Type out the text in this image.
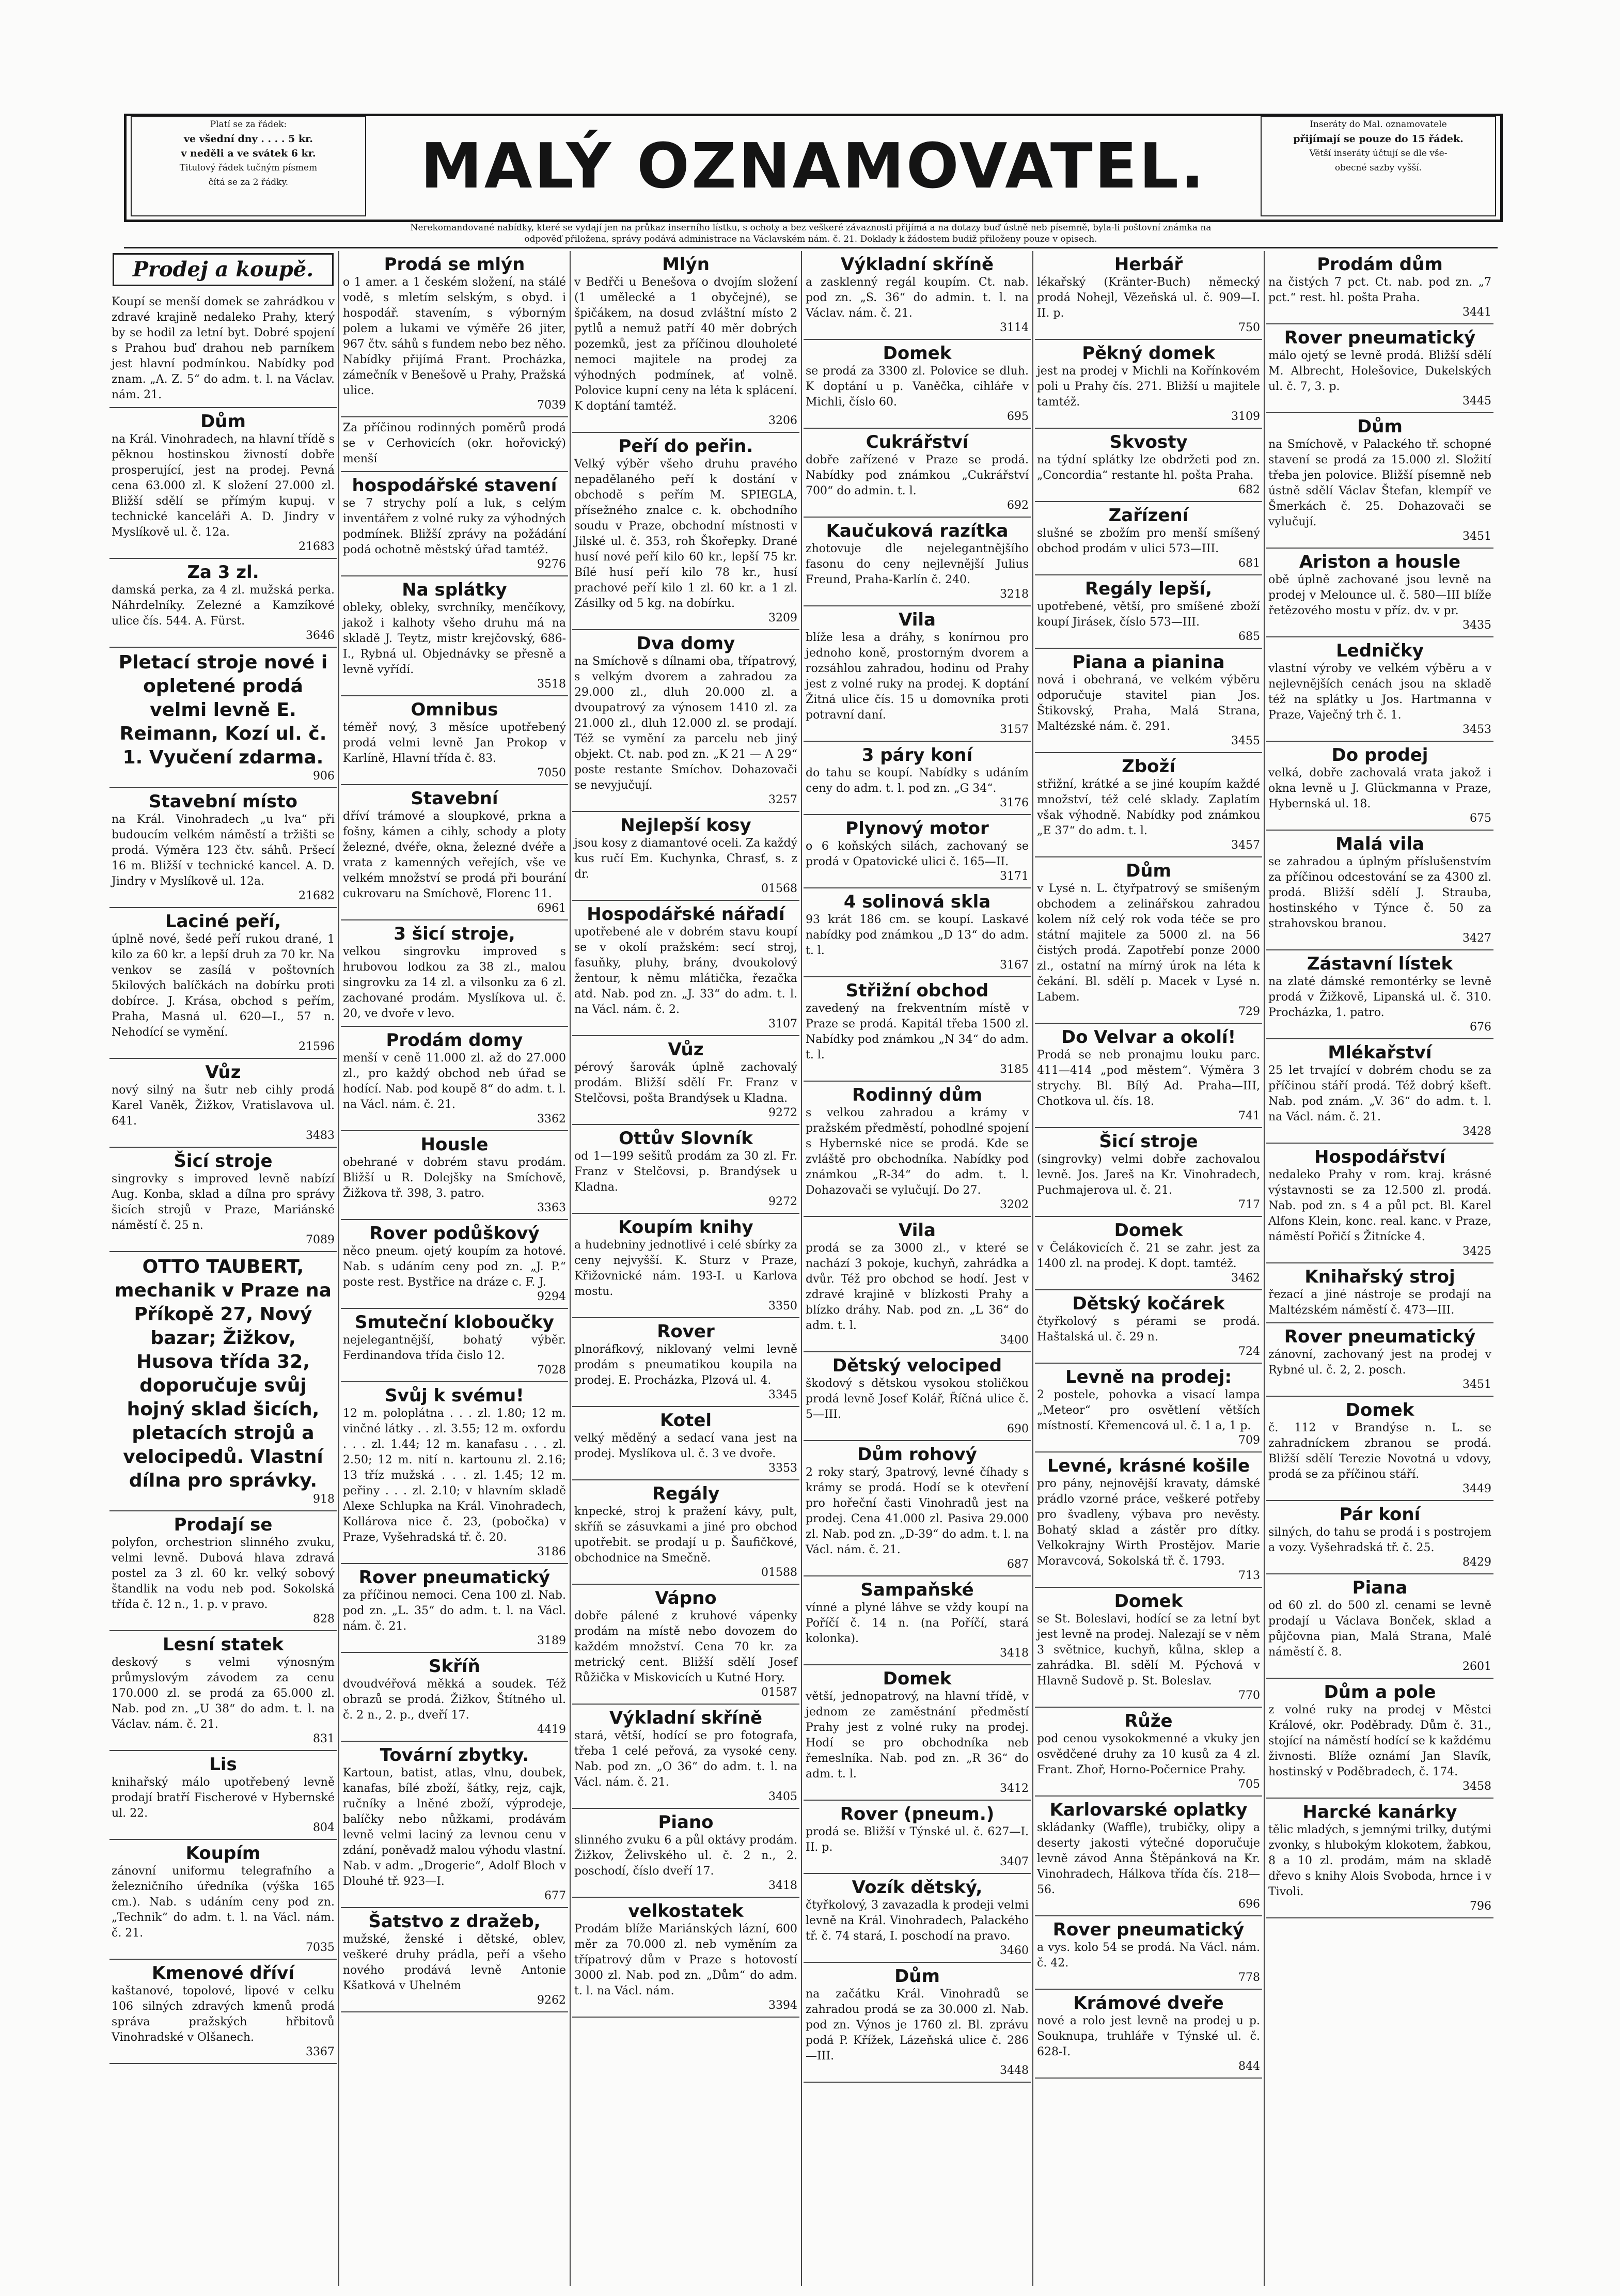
Platí se za řádek:
ve všední dny . . . . 5 kr.
v neděli a ve svátek 6 kr.
Titulový řádek tučným písmem
čítá se za 2 řádky.	MALÝ OZNAMOVATEL.
Inseráty do Mal. oznamovatele
přijímají se pouze do 15 řádek.
Větší inseráty účtují se dle vše-
obecné sazby vyšší.
Nerekomandované nabídky, které se vydají jen na průkaz inserního lístku, s ochoty a bez veškeré závaznosti přijímá a na dotazy buď ústně neb písemně, byla-li poštovní známka na
odpověď přiložena, správy podává administrace na Václavském nám. č. 21. Doklady k žádostem budiž přiloženy pouze v opisech.
Prodej a koupě.
Koupí se menší domek se zahrádkou v zdravé krajině nedaleko Prahy, který by se hodil za letní byt. Dobré spojení s Prahou buď drahou neb parníkem jest hlavní podmínkou. Nabídky pod znam. „A. Z. 5“ do adm. t. l. na Václav. nám. 21.
Dům
na Král. Vinohradech, na hlavní třídě s pěknou hostinskou živností dobře prosperující, jest na prodej. Pevná cena 63.000 zl. K složení 27.000 zl. Bližší sdělí se přímým kupuj. v technické kanceláři A. D. Jindry v Myslíkově ul. č. 12a.
21683
Za 3 zl.
damská perka, za 4 zl. mužská perka. Náhrdelníky. Zelezné a Kamzíkové ulice čís. 544. A. Fürst.
3646
Pletací stroje nové i opletené prodá velmi levně E. Reimann, Kozí ul. č. 1. Vyučení zdarma.
906
Stavební místo
na Král. Vinohradech „u lva“ při budoucím velkém náměstí a tržišti se prodá. Výměra 123 čtv. sáhů. Pršecí 16 m. Bližší v technické kancel. A. D. Jindry v Myslíkově ul. 12a.
21682
Laciné peří,
úplně nové, šedé peří rukou drané, 1 kilo za 60 kr. a lepší druh za 70 kr. Na venkov se zasílá v poštovních 5kilových balíčkách na dobírku proti dobírce. J. Krása, obchod s peřím, Praha, Masná ul. 620—I., 57 n. Nehodící se vymění.
21596
Vůz
nový silný na šutr neb cihly prodá Karel Vaněk, Žižkov, Vratislavova ul. 641.
3483
Šicí stroje
singrovky s improved levně nabízí Aug. Konba, sklad a dílna pro správy šicích strojů v Praze, Mariánské náměstí č. 25 n.
7089
OTTO TAUBERT, mechanik v Praze na Příkopě 27, Nový bazar; Žižkov, Husova třída 32, doporučuje svůj hojný sklad šicích, pletacích strojů a velocipedů. Vlastní dílna pro správky.
918
Prodají se
polyfon, orchestrion slinného zvuku, velmi levně. Dubová hlava zdravá postel za 3 zl. 60 kr. velký sobový štandlik na vodu neb pod. Sokolská třída č. 12 n., 1. p. v pravo.
828
Lesní statek
deskový s velmi výnosným průmyslovým závodem za cenu 170.000 zl. se prodá za 65.000 zl. Nab. pod zn. „U 38“ do adm. t. l. na Václav. nám. č. 21.
831
Lis
knihařský málo upotřebený levně prodají bratří Fischerové v Hybernské ul. 22.
804
Koupím
zánovní uniformu telegrafního a železničního úředníka (výška 165 cm.). Nab. s udáním ceny pod zn. „Technik“ do adm. t. l. na Václ. nám. č. 21.
7035
Kmenové dříví
kaštanové, topolové, lipové v celku 106 silných zdravých kmenů prodá správa pražských hřbitovů Vinohradské v Olšanech.
3367
Prodá se mlýn
o 1 amer. a 1 českém složení, na stálé vodě, s mletím selským, s obyd. i hospodář. stavením, s výborným polem a lukami ve výměře 26 jiter, 967 čtv. sáhů s fundem nebo bez něho. Nabídky přijímá Frant. Procházka, zámečník v Benešově u Prahy, Pražská ulice.
7039
Za příčinou rodinných poměrů prodá se v Cerhovicích (okr. hořovický) menší
hospodářské stavení
se 7 strychy polí a luk, s celým inventářem z volné ruky za výhodných podmínek. Bližší zprávy na požádání podá ochotně městský úřad tamtéž.
9276
Na splátky
obleky, obleky, svrchníky, menčíkovy, jakož i kalhoty všeho druhu má na skladě J. Teytz, mistr krejčovský, 686-I., Rybná ul. Objednávky se přesně a levně vyřídí.
3518
Omnibus
téměř nový, 3 měsíce upotřebený prodá velmi levně Jan Prokop v Karlíně, Hlavní třída č. 83.
7050
Stavební
dříví trámové a sloupkové, prkna a fošny, kámen a cihly, schody a ploty železné, dvéře, okna, železné dvéře a vrata z kamenných veřejích, vše ve velkém množství se prodá při bourání cukrovaru na Smíchově, Florenc 11.
6961
3 šicí stroje,
velkou singrovku improved s hrubovou lodkou za 38 zl., malou singrovku za 14 zl. a vilsonku za 6 zl. zachované prodám. Myslíkova ul. č. 20, ve dvoře v levo.
Prodám domy
menší v ceně 11.000 zl. až do 27.000 zl., pro každý obchod neb úřad se hodící. Nab. pod koupě 8“ do adm. t. l. na Václ. nám. č. 21.
3362
Housle
obehrané v dobrém stavu prodám. Bližší u R. Dolejšky na Smíchově, Žižkova tř. 398, 3. patro.
3363
Rover podůškový
něco pneum. ojetý koupím za hotové. Nab. s udáním ceny pod zn. „J. P.“ poste rest. Bystřice na dráze c. F. J.
9294
Smuteční kloboučky
nejelegantnější, bohatý výběr. Ferdinandova třída čislo 12.
7028
Svůj k svému!
12 m. poloplátna . . . zl. 1.80; 12 m. vinčné látky . . zl. 3.55; 12 m. oxfordu . . . zl. 1.44; 12 m. kanafasu . . . zl. 2.50; 12 m. nití n. kartounu zl. 2.16; 13 tříz mužská . . . zl. 1.45; 12 m. peřiny . . . zl. 2.10; v hlavním skladě Alexe Schlupka na Král. Vinohradech, Kollárova nice č. 23, (pobočka) v Praze, Vyšehradská tř. č. 20.
3186
Rover pneumatický
za příčinou nemoci. Cena 100 zl. Nab. pod zn. „L. 35“ do adm. t. l. na Václ. nám. č. 21.
3189
Skříň
dvoudvéřová měkká a soudek. Též obrazů se prodá. Žižkov, Štítného ul. č. 2 n., 2. p., dveří 17.
4419
Tovární zbytky.
Kartoun, batist, atlas, vlnu, doubek, kanafas, bílé zboží, šátky, rejz, cajk, ručníky a lněné zboží, výprodeje, balíčky nebo nůžkami, prodávám levně velmi laciný za levnou cenu v zdání, poněvadž malou výhodu vlastní. Nab. v adm. „Drogerie“, Adolf Bloch v Dlouhé tř. 923—I.
677
Šatstvo z dražeb,
mužské, ženské i dětské, oblev, veškeré druhy prádla, peří a všeho nového prodává levně Antonie Kšatková v Uhelném
9262
Mlýn
v Bedřči u Benešova o dvojím složení (1 umělecké a 1 obyčejné), se špičákem, na dosud zvláštní místo 2 pytlů a nemuž patří 40 měr dobrých pozemků, jest za příčinou dlouholeté nemoci majitele na prodej za výhodných podmínek, ať volně. Polovice kupní ceny na léta k splácení. K doptání tamtéž.
3206
Peří do peřin.
Velký výběr všeho druhu pravého nepadělaného peří k dostání v obchodě s peřím M. SPIEGLA, přísežného znalce c. k. obchodního soudu v Praze, obchodní místnosti v Jilské ul. č. 353, roh Škořepky. Drané husí nové peří kilo 60 kr., lepší 75 kr. Bílé husí peří kilo 78 kr., husí prachové peří kilo 1 zl. 60 kr. a 1 zl. Zásilky od 5 kg. na dobírku.
3209
Dva domy
na Smíchově s dílnami oba, třípatrový, s velkým dvorem a zahradou za 29.000 zl., dluh 20.000 zl. a dvoupatrový za výnosem 1410 zl. za 21.000 zl., dluh 12.000 zl. se prodají. Též se vymění za parcelu neb jiný objekt. Ct. nab. pod zn. „K 21 — A 29“ poste restante Smíchov. Dohazovači se nevyjučují.
3257
Nejlepší kosy
jsou kosy z diamantové oceli. Za každý kus ručí Em. Kuchynka, Chrasť, s. z dr.
01568
Hospodářské nářadí
upotřebené ale v dobrém stavu koupí se v okolí pražském: secí stroj, fasuňky, pluhy, brány, dvoukolový žentour, k němu mlátička, řezačka atd. Nab. pod zn. „J. 33“ do adm. t. l. na Václ. nám. č. 2.
3107
Vůz
pérový šarovák úplně zachovalý prodám. Bližší sdělí Fr. Franz v Stelčovsi, pošta Brandýsek u Kladna.
9272
Ottův Slovník
od 1—199 sešitů prodám za 30 zl. Fr. Franz v Stelčovsi, p. Brandýsek u Kladna.
9272
Koupím knihy
a hudebniny jednotlivé i celé sbírky za ceny nejvyšší. K. Sturz v Praze, Křižovnické nám. 193-I. u Karlova mostu.
3350
Rover
plnoráfkový, niklovaný velmi levně prodám s pneumatikou koupila na prodej. E. Procházka, Plzová ul. 4.
3345
Kotel
velký měděný a sedací vana jest na prodej. Myslíkova ul. č. 3 ve dvoře.
3353
Regály
knpecké, stroj k pražení kávy, pult, skříň se zásuvkami a jiné pro obchod upotřebit. se prodají u p. Šaufičkové, obchodnice na Smečně.
01588
Vápno
dobře pálené z kruhové vápenky prodám na místě nebo dovozem do každém množství. Cena 70 kr. za metrický cent. Bližší sdělí Josef Růžička v Miskovicích u Kutné Hory.
01587
Výkladní skříně
stará, větší, hodící se pro fotografa, třeba 1 celé peřová, za vysoké ceny. Nab. pod zn. „O 36“ do adm. t. l. na Václ. nám. č. 21.
3405
Piano
slinného zvuku 6 a půl oktávy prodám. Žižkov, Želivského ul. č. 2 n., 2. poschodí, číslo dveří 17.
3418
velkostatek
Prodám blíže Mariánských lázní, 600 měr za 70.000 zl. neb vyměním za třípatrový dům v Praze s hotovostí 3000 zl. Nab. pod zn. „Dům“ do adm. t. l. na Václ. nám.
3394
Výkladní skříně
a zasklenný regál koupím. Ct. nab. pod zn. „S. 36“ do admin. t. l. na Václav. nám. č. 21.
3114
Domek
se prodá za 3300 zl. Polovice se dluh. K doptání u p. Vaněčka, cihláře v Michli, číslo 60.
695
Cukrářství
dobře zařízené v Praze se prodá. Nabídky pod známkou „Cukrářství 700“ do admin. t. l.
692
Kaučuková razítka
zhotovuje dle nejelegantnějšího fasonu do ceny nejlevnější Julius Freund, Praha-Karlín č. 240.
3218
Vila
blíže lesa a dráhy, s konírnou pro jednoho koně, prostorným dvorem a rozsáhlou zahradou, hodinu od Prahy jest z volné ruky na prodej. K doptání Žitná ulice čís. 15 u domovníka proti potravní daní.
3157
3 páry koní
do tahu se koupí. Nabídky s udáním ceny do adm. t. l. pod zn. „G 34“.
3176
Plynový motor
o 6 koňských silách, zachovaný se prodá v Opatovické ulici č. 165—II.
3171
4 solinová skla
93 krát 186 cm. se koupí. Laskavé nabídky pod známkou „D 13“ do adm. t. l.
3167
Střižní obchod
zavedený na frekventním místě v Praze se prodá. Kapitál třeba 1500 zl. Nabídky pod známkou „N 34“ do adm. t. l.
3185
Rodinný dům
s velkou zahradou a krámy v pražském předměstí, pohodlné spojení s Hybernské nice se prodá. Kde se zvláště pro obchodníka. Nabídky pod známkou „R-34“ do adm. t. l. Dohazovači se vylučují. Do 27.
3202
Vila
prodá se za 3000 zl., v které se nachází 3 pokoje, kuchyň, zahrádka a dvůr. Též pro obchod se hodí. Jest v zdravé krajině v blízkosti Prahy a blízko dráhy. Nab. pod zn. „L 36“ do adm. t. l.
3400
Dětský velociped
škodový s dětskou vysokou stoličkou prodá levně Josef Kolář, Říčná ulice č. 5—III.
690
Dům rohový
2 roky starý, 3patrový, levné číhady s krámy se prodá. Hodí se k otevření pro hořeční časti Vinohradů jest na prodej. Cena 41.000 zl. Pasiva 29.000 zl. Nab. pod zn. „D-39“ do adm. t. l. na Václ. nám. č. 21.
687
Sampaňské
vínné a plyné láhve se vždy koupí na Poříčí č. 14 n. (na Poříčí, stará kolonka).
3418
Domek
větší, jednopatrový, na hlavní třídě, v jednom ze zaměstnání předměstí Prahy jest z volné ruky na prodej. Hodí se pro obchodníka neb řemeslníka. Nab. pod zn. „R 36“ do adm. t. l.
3412
Rover (pneum.)
prodá se. Bližší v Týnské ul. č. 627—I. II. p.
3407
Vozík dětský,
čtyřkolový, 3 zavazadla k prodeji velmi levně na Král. Vinohradech, Palackého tř. č. 74 stará, I. poschodí na pravo.
3460
Dům
na začátku Král. Vinohradů se zahradou prodá se za 30.000 zl. Nab. pod zn. Výnos je 1760 zl. Bl. zprávu podá P. Křížek, Lázeňská ulice č. 286—III.
3448
Herbář
lékařský (Kränter-Buch) německý prodá Nohejl, Vězeňská ul. č. 909—I. II. p.
750
Pěkný domek
jest na prodej v Michli na Kořínkovém poli u Prahy čís. 271. Bližší u majitele tamtéž.
3109
Skvosty
na týdní splátky lze obdržeti pod zn. „Concordia“ restante hl. pošta Praha.
682
Zařízení
slušné se zbožím pro menší smíšený obchod prodám v ulici 573—III.
681
Regály lepší,
upotřebené, větší, pro smíšené zboží koupí Jirásek, číslo 573—III.
685
Piana a pianina
nová i obehraná, ve velkém výběru odporučuje stavitel pian Jos. Štikovský, Praha, Malá Strana, Maltézské nám. č. 291.
3455
Zboží
střižní, krátké a se jiné koupím každé množství, též celé sklady. Zaplatím však výhodně. Nabídky pod známkou „E 37“ do adm. t. l.
3457
Dům
v Lysé n. L. čtyřpatrový se smíšeným obchodem a zelinářskou zahradou kolem níž celý rok voda téče se pro státní majitele za 5000 zl. na 56 čistých prodá. Zapotřebí ponze 2000 zl., ostatní na mírný úrok na léta k čekání. Bl. sdělí p. Macek v Lysé n. Labem.
729
Do Velvar a okolí!
Prodá se neb pronajmu louku parc. 411—414 „pod městem“. Výměra 3 strychy. Bl. Bílý Ad. Praha—III, Chotkova ul. čís. 18.
741
Šicí stroje
(singrovky) velmi dobře zachovalou levně. Jos. Jareš na Kr. Vinohradech, Puchmajerova ul. č. 21.
717
Domek
v Čelákovicích č. 21 se zahr. jest za 1400 zl. na prodej. K dopt. tamtéž.
3462
Dětský kočárek
čtyřkolový s pérami se prodá. Haštalská ul. č. 29 n.
724
Levně na prodej:
2 postele, pohovka a visací lampa „Meteor“ pro osvětlení větších místností. Křemencová ul. č. 1 a, 1 p.
709
Levné, krásné košile
pro pány, nejnovější kravaty, dámské prádlo vzorné práce, veškeré potřeby pro švadleny, výbava pro nevěsty. Bohatý sklad a zástěr pro dítky. Velkokrajny Wirth Prostějov. Marie Moravcová, Sokolská tř. č. 1793.
713
Domek
se St. Boleslavi, hodící se za letní byt jest levně na prodej. Nalezají se v něm 3 světnice, kuchyň, kůlna, sklep a zahrádka. Bl. sdělí M. Pýchová v Hlavně Sudově p. St. Boleslav.
770
Růže
pod cenou vysokokmenné a vkuky jen osvědčené druhy za 10 kusů za 4 zl. Frant. Zhoř, Horno-Počernice Prahy.
705
Karlovarské oplatky
skládanky (Waffle), trubičky, olipy a deserty jakosti výtečné doporučuje levně závod Anna Štěpánková na Kr. Vinohradech, Hálkova třída čís. 218—56.
696
Rover pneumatický
a vys. kolo 54 se prodá. Na Václ. nám. č. 42.
778
Krámové dveře
nové a rolo jest levně na prodej u p. Souknupa, truhláře v Týnské ul. č. 628-I.
844
Prodám dům
na čistých 7 pct. Ct. nab. pod zn. „7 pct.“ rest. hl. pošta Praha.
3441
Rover pneumatický
málo ojetý se levně prodá. Bližší sdělí M. Albrecht, Holešovice, Dukelských ul. č. 7, 3. p.
3445
Dům
na Smíchově, v Palackého tř. schopné stavení se prodá za 15.000 zl. Složití třeba jen polovice. Bližší písemně neb ústně sdělí Václav Štefan, klempíř ve Šmerkách č. 25. Dohazovači se vylučují.
3451
Ariston a housle
obě úplně zachované jsou levně na prodej v Melounce ul. č. 580—III blíže řetězového mostu v příz. dv. v pr.
3435
Ledničky
vlastní výroby ve velkém výběru a v nejlevnějších cenách jsou na skladě též na splátky u Jos. Hartmanna v Praze, Vaječný trh č. 1.
3453
Do prodej
velká, dobře zachovalá vrata jakož i okna levně u J. Glückmanna v Praze, Hybernská ul. 18.
675
Malá vila
se zahradou a úplným příslušenstvím za příčinou odcestování se za 4300 zl. prodá. Bližší sdělí J. Strauba, hostinského v Týnce č. 50 za strahovskou branou.
3427
Zástavní lístek
na zlaté dámské remontérky se levně prodá v Žižkově, Lipanská ul. č. 310. Procházka, 1. patro.
676
Mlékařství
25 let trvající v dobrém chodu se za příčinou stáří prodá. Též dobrý kšeft. Nab. pod znám. „V. 36“ do adm. t. l. na Václ. nám. č. 21.
3428
Hospodářství
nedaleko Prahy v rom. kraj. krásné výstavnosti se za 12.500 zl. prodá. Nab. pod zn. s 4 a půl pct. Bl. Karel Alfons Klein, konc. real. kanc. v Praze, náměstí Pořičí s Žitnícke 4.
3425
Knihařský stroj
řezací a jiné nástroje se prodají na Maltézském náměstí č. 473—III.
Rover pneumatický
zánovní, zachovaný jest na prodej v Rybné ul. č. 2, 2. posch.
3451
Domek
č. 112 v Brandýse n. L. se zahradníckem zbranou se prodá. Bližší sdělí Terezie Novotná u vdovy, prodá se za příčinou stáří.
3449
Pár koní
silných, do tahu se prodá i s postrojem a vozy. Vyšehradská tř. č. 25.
8429
Piana
od 60 zl. do 500 zl. cenami se levně prodají u Václava Bonček, sklad a půjčovna pian, Malá Strana, Malé náměstí č. 8.
2601
Dům a pole
z volné ruky na prodej v Městci Králové, okr. Poděbrady. Dům č. 31., stojící na náměstí hodící se k každému živnosti. Blíže oznámí Jan Slavík, hostinský v Poděbradech, č. 174.
3458
Harcké kanárky
tělic mladých, s jemnými trilky, dutými zvonky, s hlubokým klokotem, žabkou, 8 a 10 zl. prodám, mám na skladě dřevo s knihy Alois Svoboda, hrnce i v Tivoli.
796
